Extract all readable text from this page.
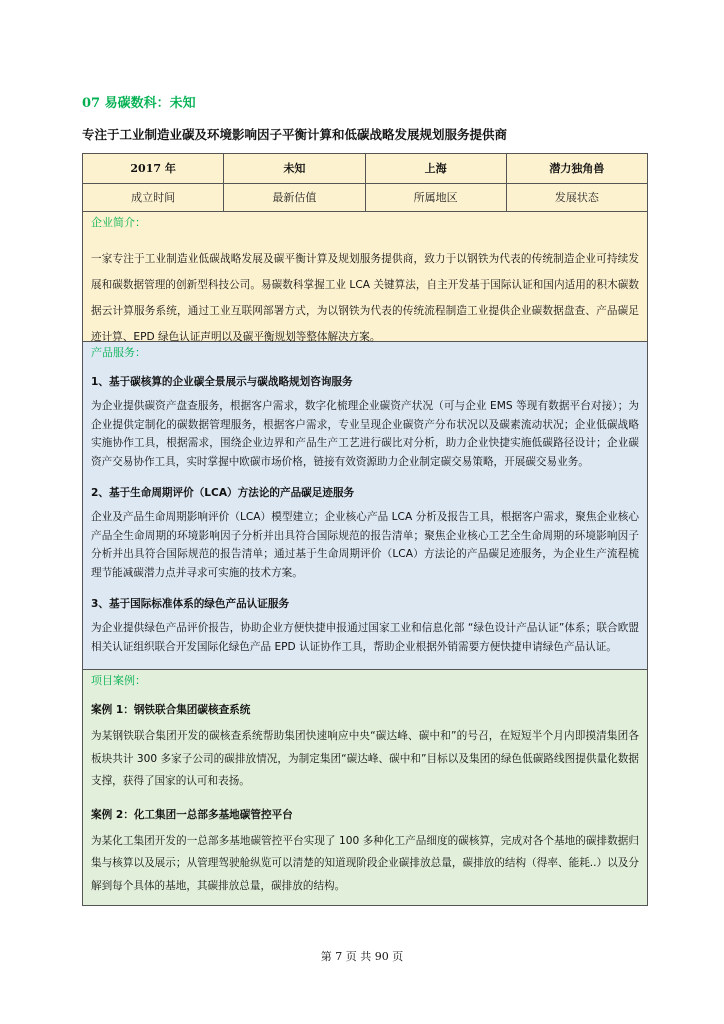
07 易碳数科：未知
专注于工业制造业碳及环境影响因子平衡计算和低碳战略发展规划服务提供商
2017 年	未知	上海	潜力独角兽
成立时间	最新估值	所属地区	发展状态
企业简介：

一家专注于工业制造业低碳战略发展及碳平衡计算及规划服务提供商，致力于以钢铁为代表的传统制造企业可持续发展和碳数据管理的创新型科技公司。易碳数科掌握工业 LCA 关键算法，自主开发基于国际认证和国内适用的积木碳数据云计算服务系统，通过工业互联网部署方式，为以钢铁为代表的传统流程制造工业提供企业碳数据盘查、产品碳足迹计算、EPD 绿色认证声明以及碳平衡规划等整体解决方案。

产品服务：
1、基于碳核算的企业碳全景展示与碳战略规划咨询服务

为企业提供碳资产盘查服务，根据客户需求，数字化梳理企业碳资产状况（可与企业 EMS 等现有数据平台对接）；为企业提供定制化的碳数据管理服务，根据客户需求，专业呈现企业碳资产分布状况以及碳素流动状况；企业低碳战略实施协作工具，根据需求，围绕企业边界和产品生产工艺进行碳比对分析，助力企业快捷实施低碳路径设计；企业碳资产交易协作工具，实时掌握中欧碳市场价格，链接有效资源助力企业制定碳交易策略，开展碳交易业务。

2、基于生命周期评价（LCA）方法论的产品碳足迹服务

企业及产品生命周期影响评价（LCA）模型建立；企业核心产品 LCA 分析及报告工具，根据客户需求，聚焦企业核心产品全生命周期的环境影响因子分析并出具符合国际规范的报告清单；聚焦企业核心工艺全生命周期的环境影响因子分析并出具符合国际规范的报告清单；通过基于生命周期评价（LCA）方法论的产品碳足迹服务，为企业生产流程梳理节能减碳潜力点并寻求可实施的技术方案。

3、基于国际标准体系的绿色产品认证服务

为企业提供绿色产品评价报告，协助企业方便快捷申报通过国家工业和信息化部 “绿色设计产品认证”体系；联合欧盟相关认证组织联合开发国际化绿色产品 EPD 认证协作工具，帮助企业根据外销需要方便快捷申请绿色产品认证。

项目案例：
案例 1：钢铁联合集团碳核查系统

为某钢铁联合集团开发的碳核查系统帮助集团快速响应中央“碳达峰、碳中和”的号召，在短短半个月内即摸清集团各板块共计 300 多家子公司的碳排放情况，为制定集团“碳达峰、碳中和”目标以及集团的绿色低碳路线图提供量化数据支撑，获得了国家的认可和表扬。

案例 2：化工集团一总部多基地碳管控平台

为某化工集团开发的一总部多基地碳管控平台实现了 100 多种化工产品细度的碳核算，完成对各个基地的碳排数据归集与核算以及展示；从管理驾驶舱纵览可以清楚的知道现阶段企业碳排放总量，碳排放的结构（得率、能耗..）以及分解到每个具体的基地，其碳排放总量，碳排放的结构。

第 7 页 共 90 页
